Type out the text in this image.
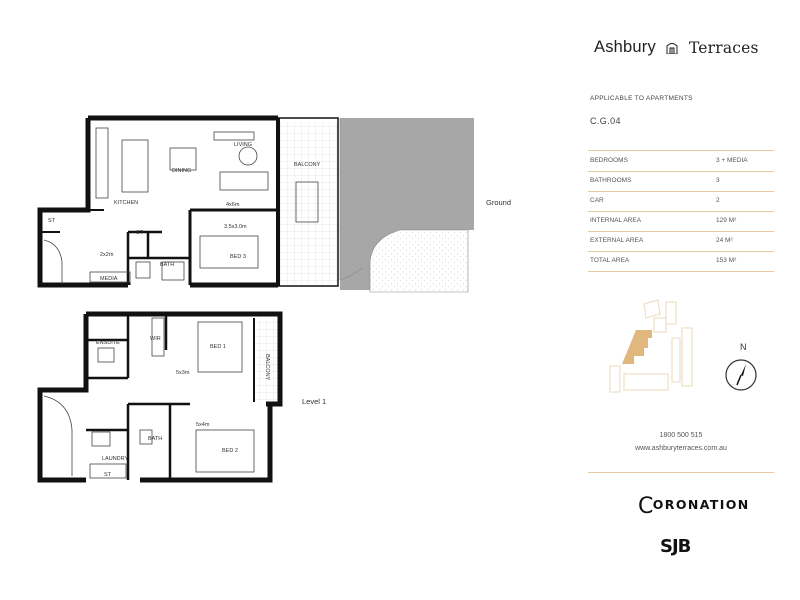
LIVING
DINING
KITCHEN
BALCONY
4x6m
3.5x3.0m
BED 3
ST
ST
2x2m
MEDIA
BATH
ENSUITE
WIR
BED 1
5x3m	BALCONY
BATH
5x4m
BED 2
LAUNDRY
ST
Ground
Level 1
Ashbury Terraces
APPLICABLE TO APARTMENTS
C.G.04
BEDROOMS	3 + MEDIA
BATHROOMS	3
CAR	2
INTERNAL AREA	129 M²
EXTERNAL AREA	24 M²
TOTAL AREA	153 M²
N
1800 500 515
www.ashburyterraces.com.au
CORONATION
SJB
